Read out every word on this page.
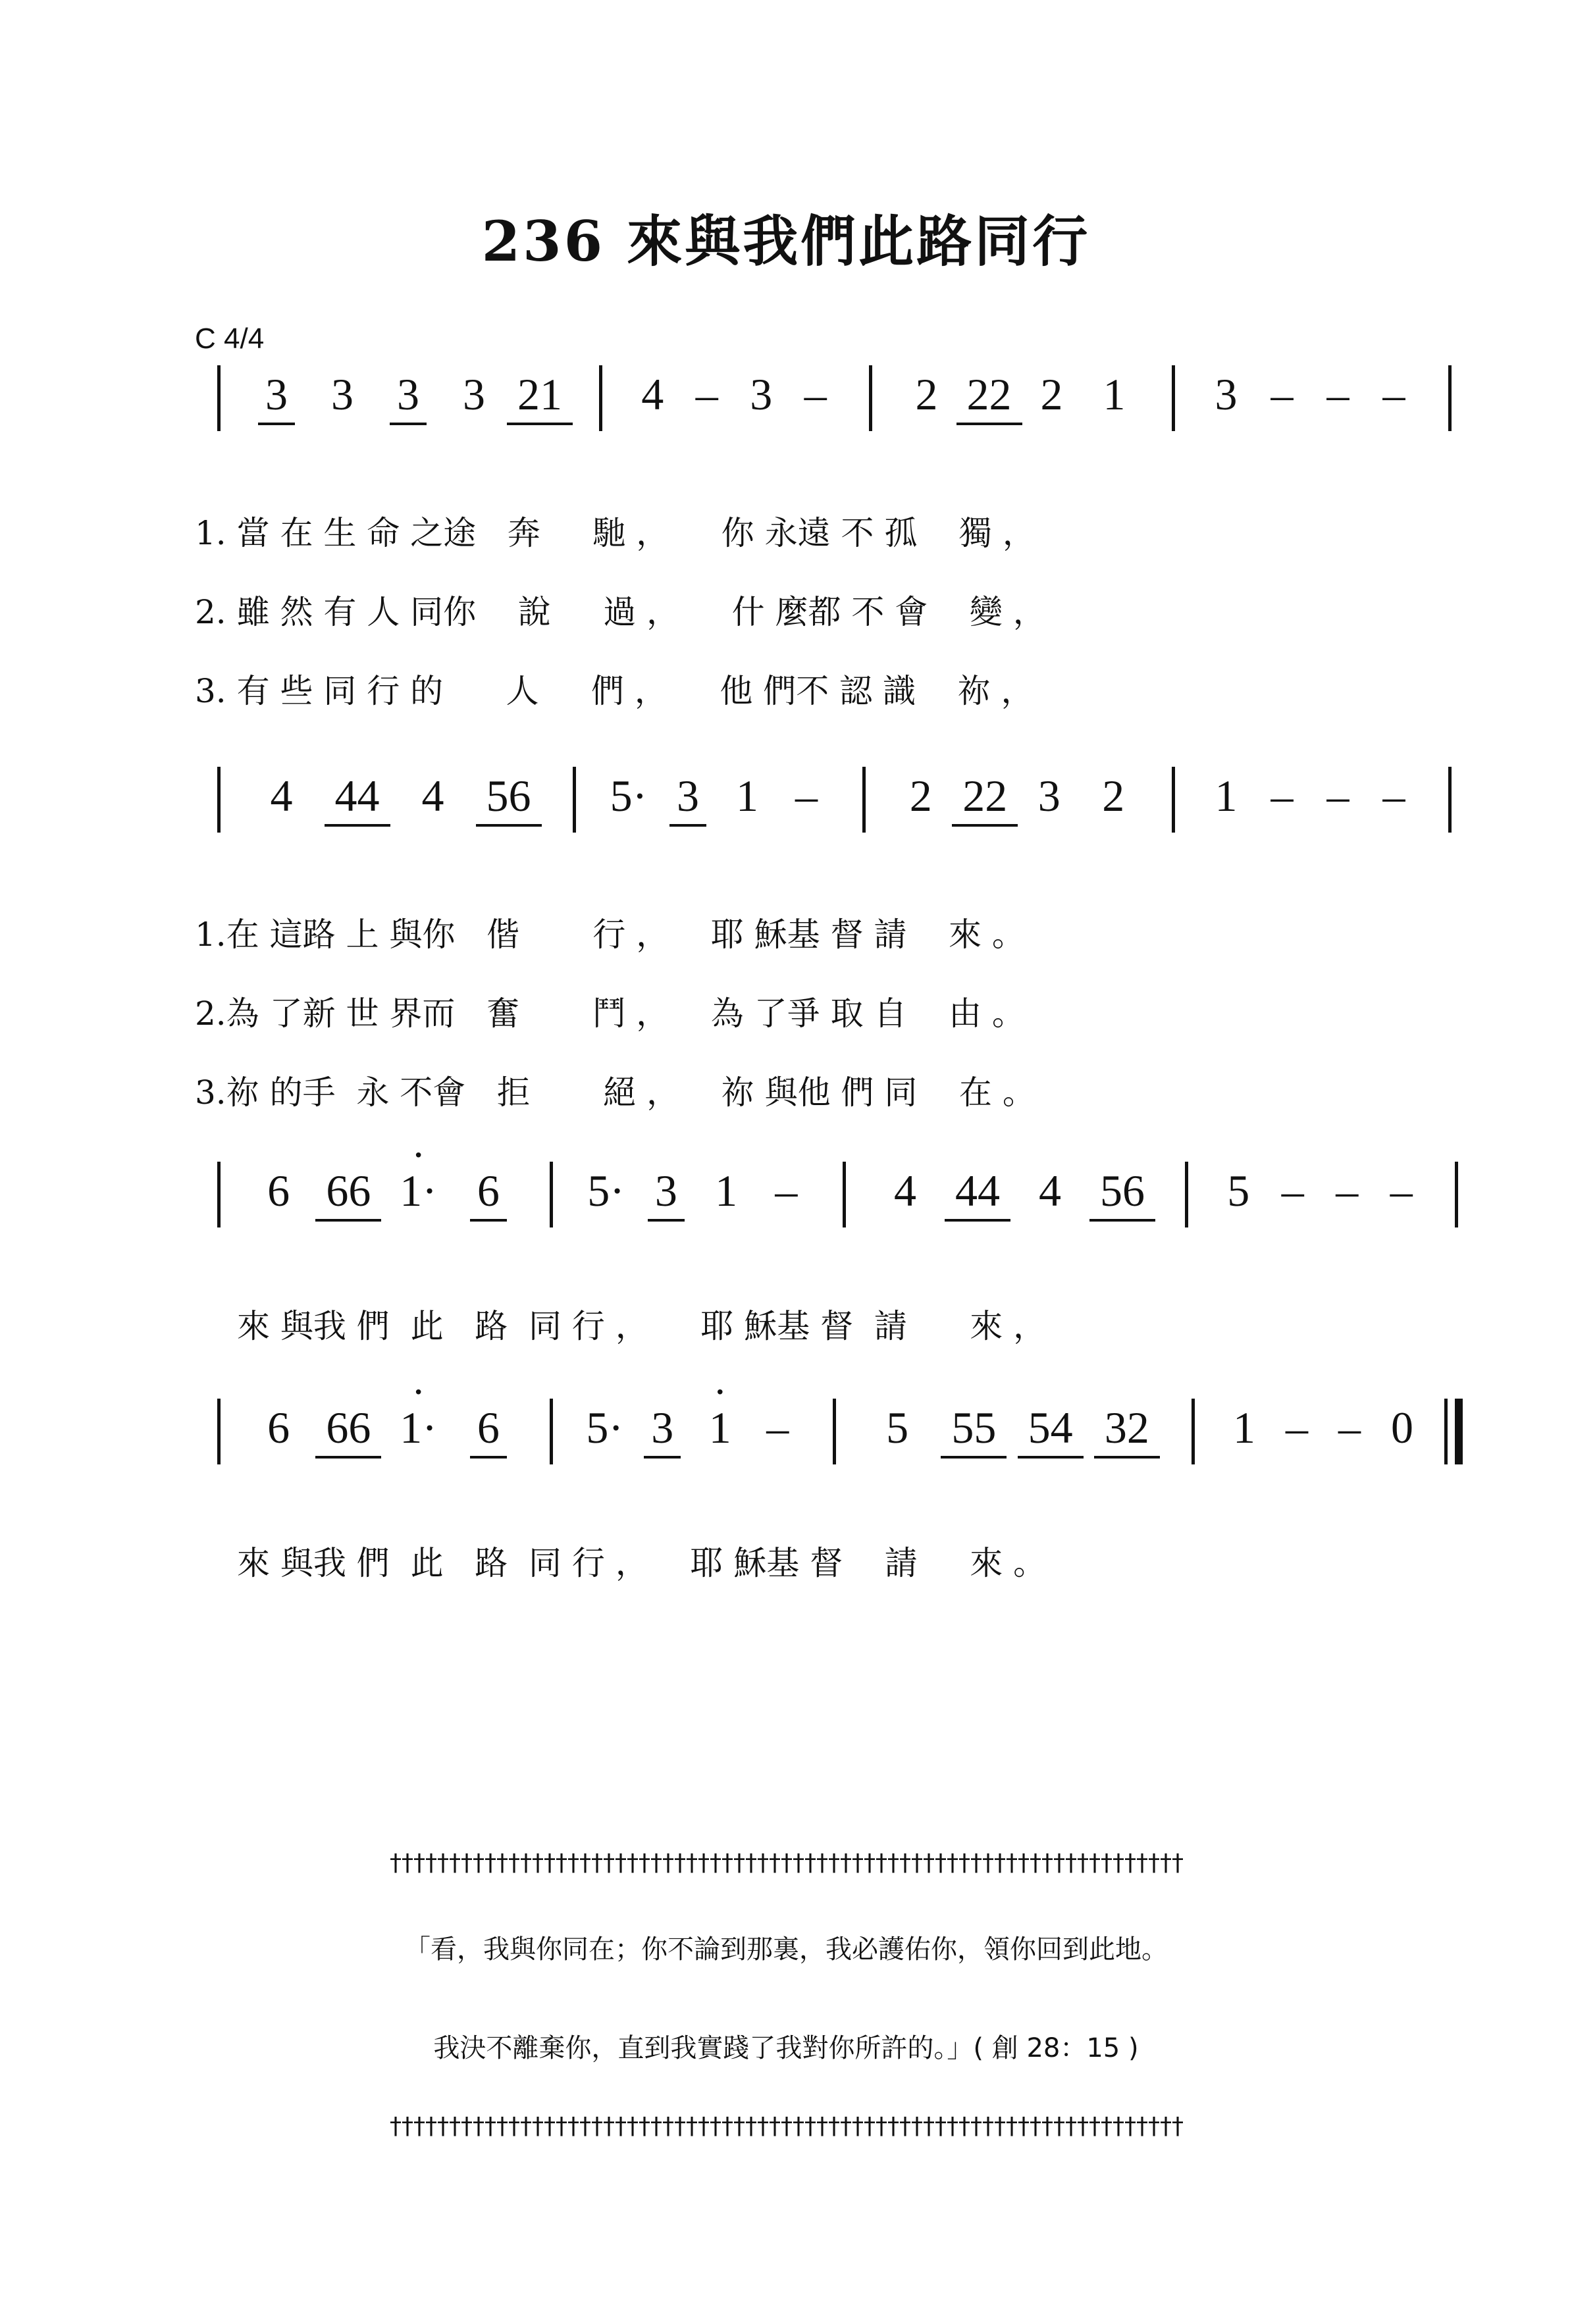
236 來與我們此路同行
C 4/4
3 3 3 3 21	4 – 3 – 2 22 2 1 3 – – –
1. 當 在 生 命 之途   奔     馳 ，     你 永遠 不 孤    獨 ，
2. 雖 然 有 人 同你    說     過 ，     什 麼都 不 會    變 ，
3. 有 些 同 行 的      人     們 ，     他 們不 認 識    祢 ，
4 44 4 56	5· 3 1 – 2 22 3 2 1 – – –
1.在 這路 上 與你   偕       行 ，    耶 穌基 督 請    來 。
2.為 了新 世 界而   奮       鬥 ，    為 了爭 取 自    由 。
3.祢 的手  永 不會   拒       絕 ，    祢 與他 們 同    在 。
6 66 · 1· 6	5· 3 1 – 4 44 4 56	5 – – –
來 與我 們  此   路  同 行 ，     耶 穌基 督  請      來 ，
6 66 · 1· 6	5· 3 · 1 – 5 55 54 32	1 – – 0
來 與我 們  此   路  同 行 ，    耶 穌基 督    請     來 。
†††††††††††††††††††††††††††††††††††††††††††††††††††††††††††††††††††
「看，我與你同在；你不論到那裏，我必護佑你，領你回到此地。
我決不離棄你，直到我實踐了我對你所許的。」( 創 28：15 )
†††††††††††††††††††††††††††††††††††††††††††††††††††††††††††††††††††
